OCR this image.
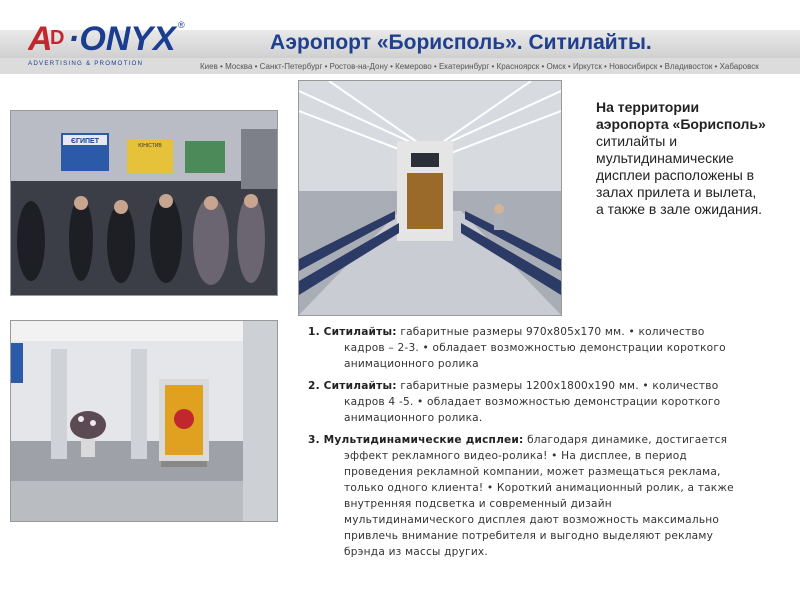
A
D ·ONYX ®
ADVERTISING & PROMOTION
Аэропорт «Борисполь». Ситилайты.
Киев • Москва • Санкт-Петербург • Ростов-на-Дону • Кемерово • Екатеринбург • Красноярск • Омск • Иркутск • Новосибирск • Владивосток • Хабаровск
ЄГИПЕТ
ЮНІСТИВ
На территории аэропорта «Борисполь» ситилайты и мультидинамические дисплеи расположены в залах прилета и вылета, а также в зале ожидания.
1. Ситилайты: габаритные размеры 970х805х170 мм. • количество кадров – 2-3. • обладает возможностью демонстрации короткого анимационного ролика
2. Ситилайты: габаритные размеры 1200х1800х190 мм. • количество кадров 4 -5. • обладает возможностью демонстрации короткого анимационного ролика.
3. Мультидинамические дисплеи: благодаря динамике, достигается эффект рекламного видео-ролика! • На дисплее, в период проведения рекламной компании, может размещаться реклама, только одного клиента! • Короткий анимационный ролик, а также внутренняя подсветка и современный дизайн мультидинамического дисплея дают возможность максимально привлечь внимание потребителя и выгодно выделяют рекламу брэнда из массы других.
